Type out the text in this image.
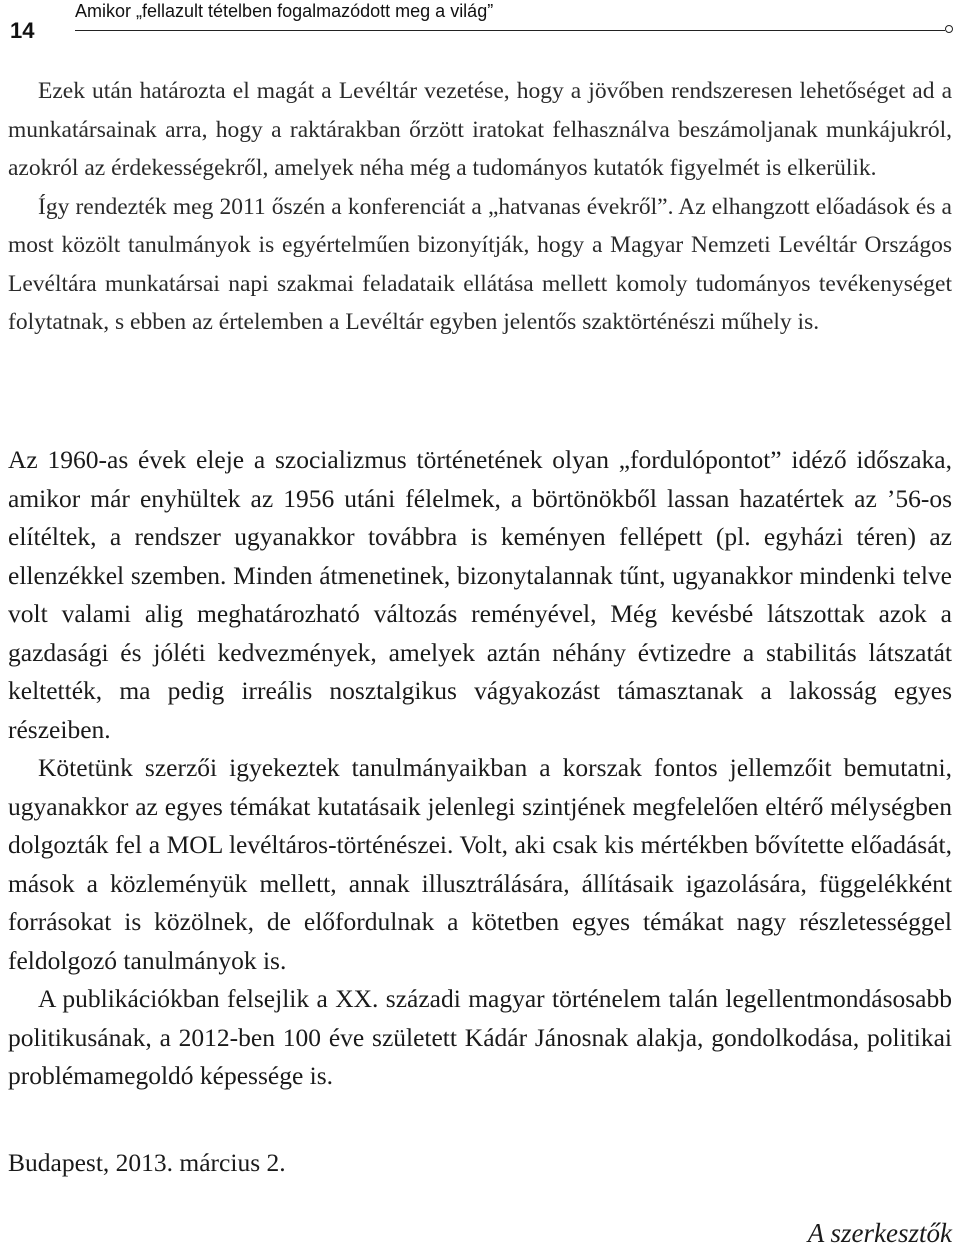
14
Amikor „fellazult tételben fogalmazódott meg a világ”

Ezek után határozta el magát a Levéltár vezetése, hogy a jövőben rendszeresen lehetőséget ad a munkatársainak arra, hogy a raktárakban őrzött iratokat felhasználva beszámoljanak munkájukról, azokról az érdekességekről, amelyek néha még a tudományos kutatók figyelmét is elkerülik.

Így rendezték meg 2011 őszén a konferenciát a „hatvanas évekről”. Az elhangzott előadások és a most közölt tanulmányok is egyértelműen bizonyítják, hogy a Magyar Nemzeti Levéltár Országos Levéltára munkatársai napi szakmai feladataik ellátása mellett komoly tudományos tevékenységet folytatnak, s ebben az értelemben a Levéltár egyben jelentős szaktörténészi műhely is.

Az 1960-as évek eleje a szocializmus történetének olyan „fordulópontot” idéző időszaka, amikor már enyhültek az 1956 utáni félelmek, a börtönökből lassan hazatértek az ’56-os elítéltek, a rendszer ugyanakkor továbbra is keményen fellépett (pl. egyházi téren) az ellenzékkel szemben. Minden átmenetinek, bizonytalannak tűnt, ugyanakkor mindenki telve volt valami alig meghatározható változás reményével, Még kevésbé látszottak azok a gazdasági és jóléti kedvezmények, amelyek aztán néhány évtizedre a stabilitás látszatát keltették, ma pedig irreális nosztalgikus vágyakozást támasztanak a lakosság egyes részeiben.

Kötetünk szerzői igyekeztek tanulmányaikban a korszak fontos jellemzőit bemutatni, ugyanakkor az egyes témákat kutatásaik jelenlegi szintjének megfelelően eltérő mélységben dolgozták fel a MOL levéltáros-történészei. Volt, aki csak kis mértékben bővítette előadását, mások a közleményük mellett, annak illusztrálására, állításaik igazolására, függelékként forrásokat is közölnek, de előfordulnak a kötetben egyes témákat nagy részletességgel feldolgozó tanulmányok is.

A publikációkban felsejlik a XX. századi magyar történelem talán legellentmondásosabb politikusának, a 2012-ben 100 éve született Kádár Jánosnak alakja, gondolkodása, politikai problémamegoldó képessége is.

Budapest, 2013. március 2.
A szerkesztők
